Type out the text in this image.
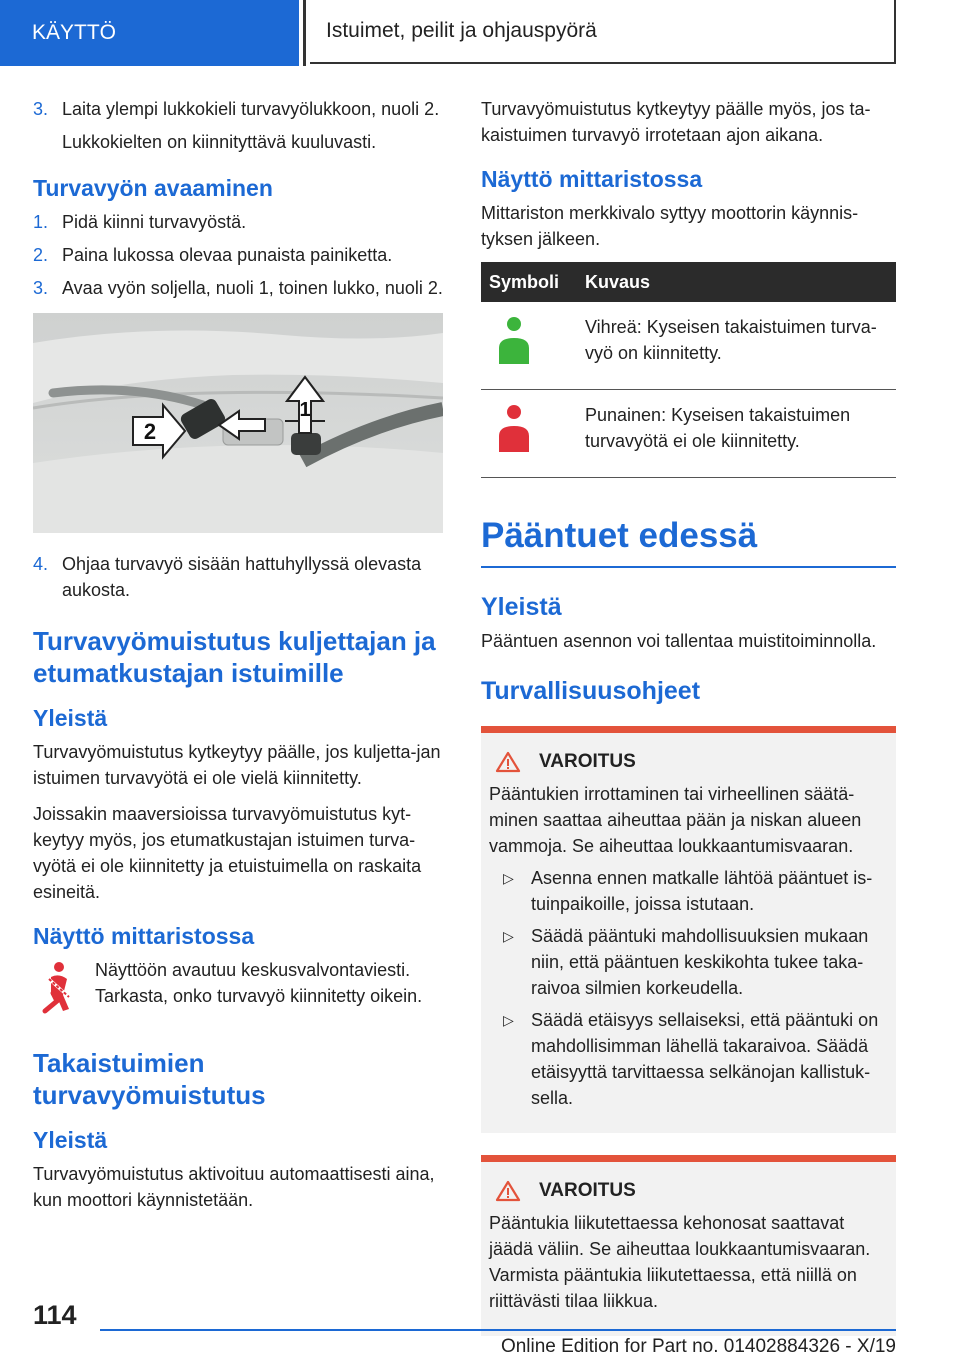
KÄYTTÖ	Istuimet, peilit ja ohjauspyörä
3. Laita ylempi lukkokieli turvavyölukkoon, nuoli 2.
Lukkokielten on kiinnityttävä kuuluvasti.
Turvavyön avaaminen
1. Pidä kiinni turvavyöstä.
2. Paina lukossa olevaa punaista painiketta.
3. Avaa vyön soljella, nuoli 1, toinen lukko, nuoli 2.
2
1
4. Ohjaa turvavyö sisään hattuhyllyssä olevasta aukosta.
Turvavyömuistutus kuljettajan ja etumatkustajan istuimille
Yleistä

Turvavyömuistutus kytkeytyy päälle, jos kuljetta-jan istuimen turvavyötä ei ole vielä kiinnitetty.

Joissakin maaversioissa turvavyömuistutus kyt-keytyy myös, jos etumatkustajan istuimen turva-vyötä ei ole kiinnitetty ja etuistuimella on raskaita esineitä.

Näyttö mittaristossa

Näyttöön avautuu keskusvalvontaviesti. Tarkasta, onko turvavyö kiinnitetty oikein.

Takaistuimien turvavyömuistutus
Yleistä

Turvavyömuistutus aktivoituu automaattisesti aina, kun moottori käynnistetään.

Turvavyömuistutus kytkeytyy päälle myös, jos ta-kaistuimen turvavyö irrotetaan ajon aikana.

Näyttö mittaristossa

Mittariston merkkivalo syttyy moottorin käynnis-tyksen jälkeen.

Symboli	Kuvaus
	Vihreä: Kyseisen takaistuimen turva-vyö on kiinnitetty.
	Punainen: Kyseisen takaistuimen turvavyötä ei ole kiinnitetty.
Pääntuet edessä
Yleistä

Pääntuen asennon voi tallentaa muistitoiminnolla.

Turvallisuusohjeet
VAROITUS

Pääntukien irrottaminen tai virheellinen säätä-minen saattaa aiheuttaa pään ja niskan alueen vammoja. Se aiheuttaa loukkaantumisvaaran.

▷ Asenna ennen matkalle lähtöä pääntuet is-tuinpaikoille, joissa istutaan.
▷ Säädä pääntuki mahdollisuuksien mukaan niin, että pääntuen keskikohta tukee taka-raivoa silmien korkeudella.
▷ Säädä etäisyys sellaiseksi, että pääntuki on mahdollisimman lähellä takaraivoa. Säädä etäisyyttä tarvittaessa selkänojan kallistuk-sella.
VAROITUS

Pääntukia liikutettaessa kehonosat saattavat jäädä väliin. Se aiheuttaa loukkaantumisvaaran. Varmista pääntukia liikutettaessa, että niillä on riittävästi tilaa liikkua.

114
Online Edition for Part no. 01402884326 - X/19
